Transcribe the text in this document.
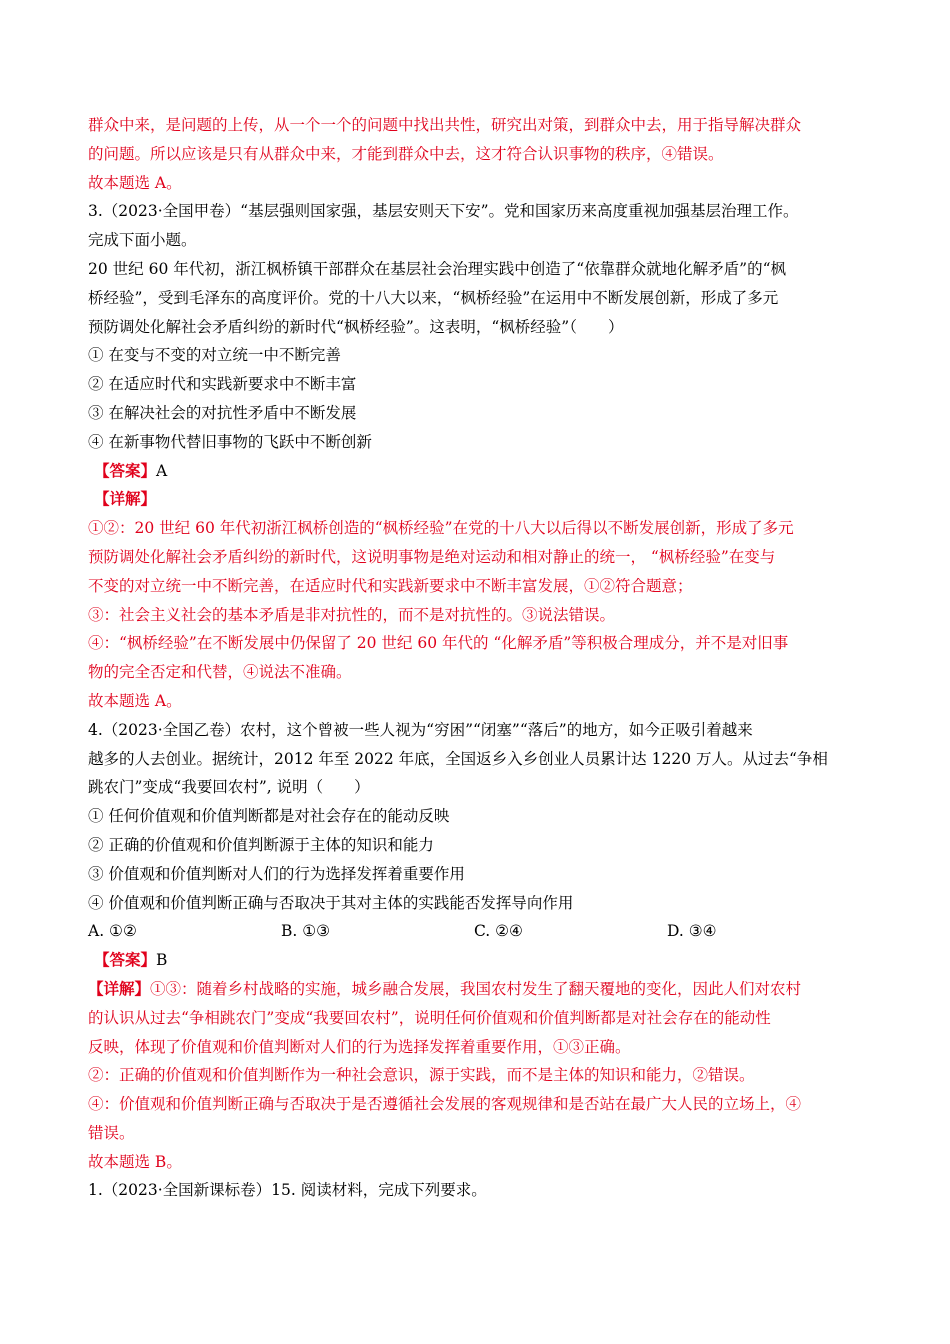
群众中来，是问题的上传，从一个一个的问题中找出共性，研究出对策，到群众中去，用于指导解决群众
的问题。所以应该是只有从群众中来，才能到群众中去，这才符合认识事物的秩序，④错误。
故本题选 A。
3.（2023·全国甲卷）“基层强则国家强，基层安则天下安”。党和国家历来高度重视加强基层治理工作。
完成下面小题。
20 世纪 60 年代初，浙江枫桥镇干部群众在基层社会治理实践中创造了“依靠群众就地化解矛盾”的“枫
桥经验”，受到毛泽东的高度评价。党的十八大以来，“枫桥经验”在运用中不断发展创新，形成了多元
预防调处化解社会矛盾纠纷的新时代“枫桥经验”。这表明，“枫桥经验”（　　）
① 在变与不变的对立统一中不断完善
② 在适应时代和实践新要求中不断丰富
③ 在解决社会的对抗性矛盾中不断发展
④ 在新事物代替旧事物的飞跃中不断创新
【答案】A
【详解】
①②：20 世纪 60 年代初浙江枫桥创造的“枫桥经验”在党的十八大以后得以不断发展创新，形成了多元
预防调处化解社会矛盾纠纷的新时代，这说明事物是绝对运动和相对静止的统一， “枫桥经验”在变与
不变的对立统一中不断完善，在适应时代和实践新要求中不断丰富发展，①②符合题意；
③：社会主义社会的基本矛盾是非对抗性的，而不是对抗性的。③说法错误。
④：“枫桥经验”在不断发展中仍保留了 20 世纪 60 年代的 “化解矛盾”等积极合理成分，并不是对旧事
物的完全否定和代替，④说法不准确。
故本题选 A。
4.（2023·全国乙卷）农村，这个曾被一些人视为“穷困”“闭塞”“落后”的地方，如今正吸引着越来
越多的人去创业。据统计，2012 年至 2022 年底，全国返乡入乡创业人员累计达 1220 万人。从过去“争相
跳农门”变成“我要回农村”, 说明（　　）
① 任何价值观和价值判断都是对社会存在的能动反映
② 正确的价值观和价值判断源于主体的知识和能力
③ 价值观和价值判断对人们的行为选择发挥着重要作用
④ 价值观和价值判断正确与否取决于其对主体的实践能否发挥导向作用
A. ①②	B. ①③	C. ②④	D. ③④
【答案】B
【详解】①③：随着乡村战略的实施，城乡融合发展，我国农村发生了翻天覆地的变化，因此人们对农村
的认识从过去“争相跳农门”变成“我要回农村”，说明任何价值观和价值判断都是对社会存在的能动性
反映，体现了价值观和价值判断对人们的行为选择发挥着重要作用，①③正确。
②：正确的价值观和价值判断作为一种社会意识，源于实践，而不是主体的知识和能力，②错误。
④：价值观和价值判断正确与否取决于是否遵循社会发展的客观规律和是否站在最广大人民的立场上，④
错误。
故本题选 B。
1.（2023·全国新课标卷）15. 阅读材料，完成下列要求。
